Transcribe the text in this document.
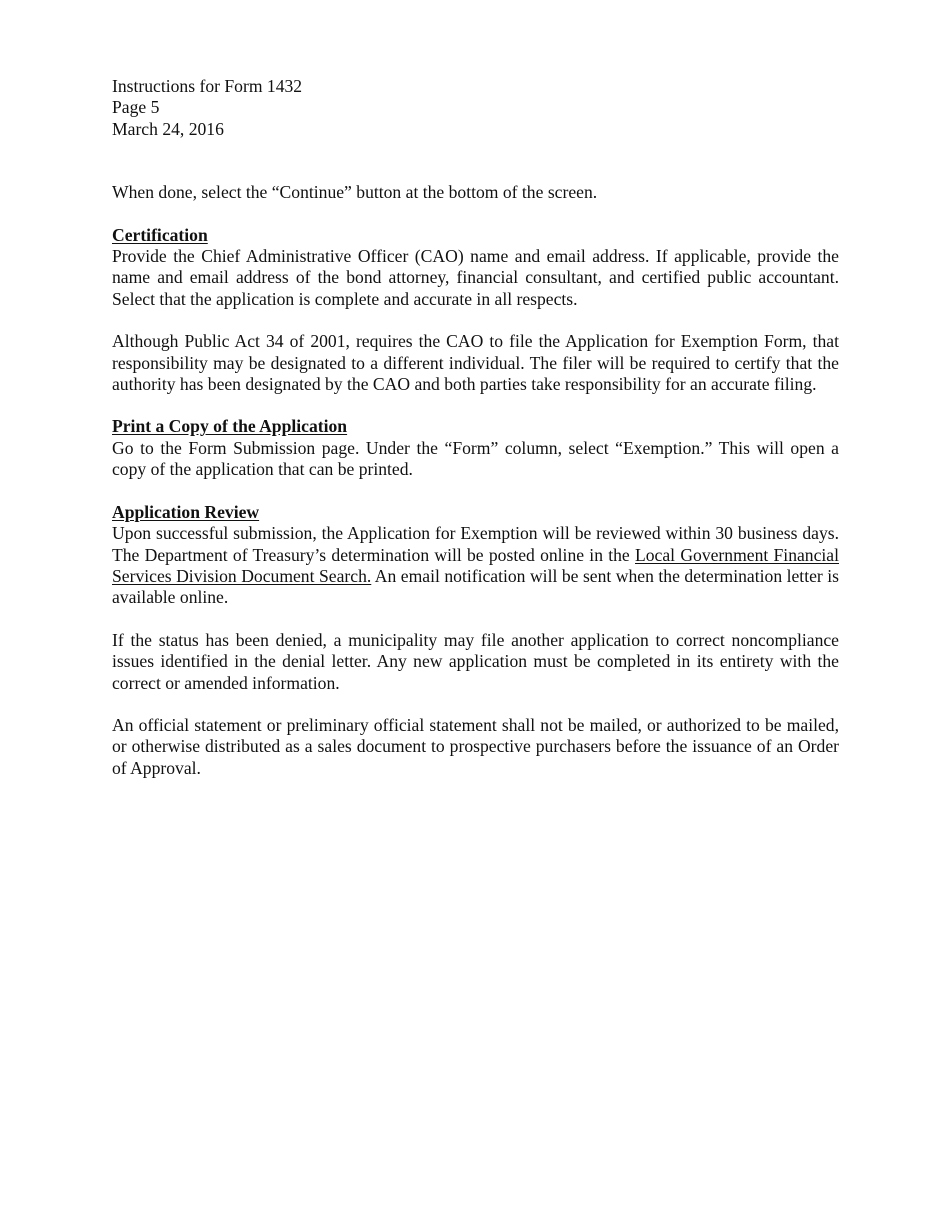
Instructions for Form 1432
Page 5
March 24, 2016

When done, select the “Continue” button at the bottom of the screen.

Certification

Provide the Chief Administrative Officer (CAO) name and email address. If applicable, provide the name and email address of the bond attorney, financial consultant, and certified public accountant. Select that the application is complete and accurate in all respects.

Although Public Act 34 of 2001, requires the CAO to file the Application for Exemption Form, that responsibility may be designated to a different individual. The filer will be required to certify that the authority has been designated by the CAO and both parties take responsibility for an accurate filing.

Print a Copy of the Application

Go to the Form Submission page. Under the “Form” column, select “Exemption.” This will open a copy of the application that can be printed.

Application Review

Upon successful submission, the Application for Exemption will be reviewed within 30 business days. The Department of Treasury’s determination will be posted online in the Local Government Financial Services Division Document Search. An email notification will be sent when the determination letter is available online.

If the status has been denied, a municipality may file another application to correct noncompliance issues identified in the denial letter. Any new application must be completed in its entirety with the correct or amended information.

An official statement or preliminary official statement shall not be mailed, or authorized to be mailed, or otherwise distributed as a sales document to prospective purchasers before the issuance of an Order of Approval.
